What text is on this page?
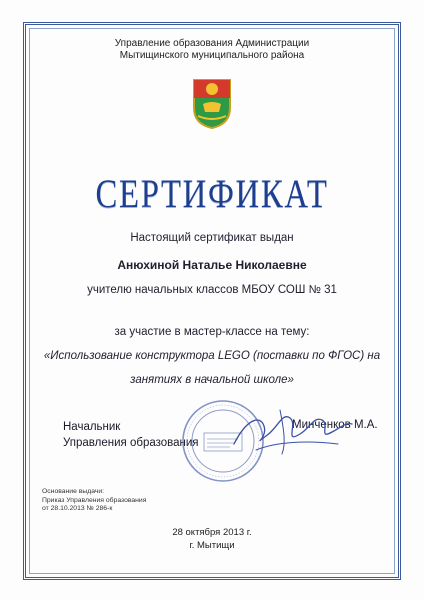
Управление образования Администрации
Мытищинского муниципального района
СЕРТИФИКАТ
Настоящий сертификат выдан
Анюхиной Наталье Николаевне
учителю начальных классов МБОУ СОШ № 31
за участие в мастер-классе на тему:
«Использование конструктора LEGO (поставки по ФГОС) на
занятиях в начальной школе»
Начальник
Управления образования
Минченков М.А.
Основание выдачи:
Приказ Управления образования
от 28.10.2013 № 286-к
28 октября 2013 г.
г. Мытищи
